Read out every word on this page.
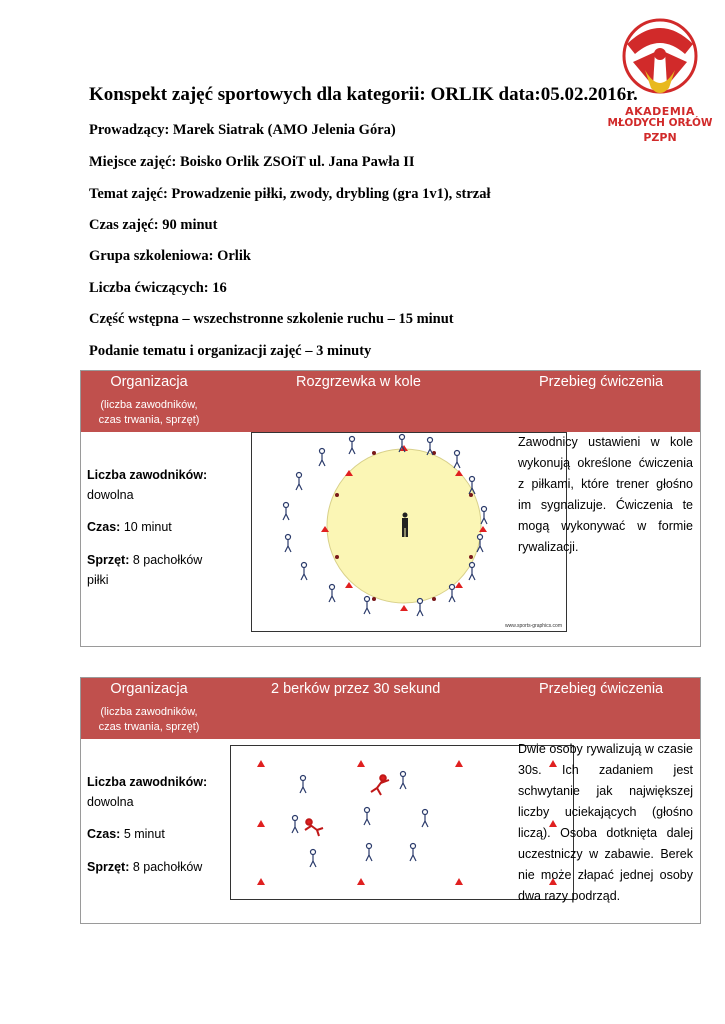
AKADEMIA
MŁODYCH ORŁÓW
PZPN
Konspekt zajęć sportowych dla kategorii: ORLIK data:05.02.2016r.
Prowadzący: Marek Siatrak (AMO Jelenia Góra)
Miejsce zajęć: Boisko Orlik ZSOiT ul. Jana Pawła II
Temat zajęć: Prowadzenie piłki, zwody, drybling (gra 1v1), strzał
Czas zajęć: 90 minut
Grupa szkoleniowa: Orlik
Liczba ćwiczących: 16
Część wstępna – wszechstronne szkolenie ruchu – 15 minut
Podanie tematu i organizacji zajęć – 3 minuty
Organizacja
(liczba zawodników,
czas trwania, sprzęt)
Rozgrzewka w kole	Przebieg ćwiczenia
Liczba zawodników:
dowolna
Czas: 10 minut
Sprzęt: 8 pachołków
piłki
www.sports-graphics.com
Zawodnicy ustawieni w kole wykonują określone ćwiczenia z piłkami, które trener głośno im sygnalizuje. Ćwiczenia te mogą wykonywać w formie rywalizacji.
Organizacja
(liczba zawodników,
czas trwania, sprzęt)
2 berków przez 30 sekund	Przebieg ćwiczenia
Liczba zawodników:
dowolna
Czas: 5 minut
Sprzęt: 8 pachołków
Dwie osoby rywalizują w czasie 30s. Ich zadaniem jest schwytanie jak największej liczby uciekających (głośno liczą). Osoba dotknięta dalej uczestniczy w zabawie. Berek nie może złapać jednej osoby dwa razy podrząd.
